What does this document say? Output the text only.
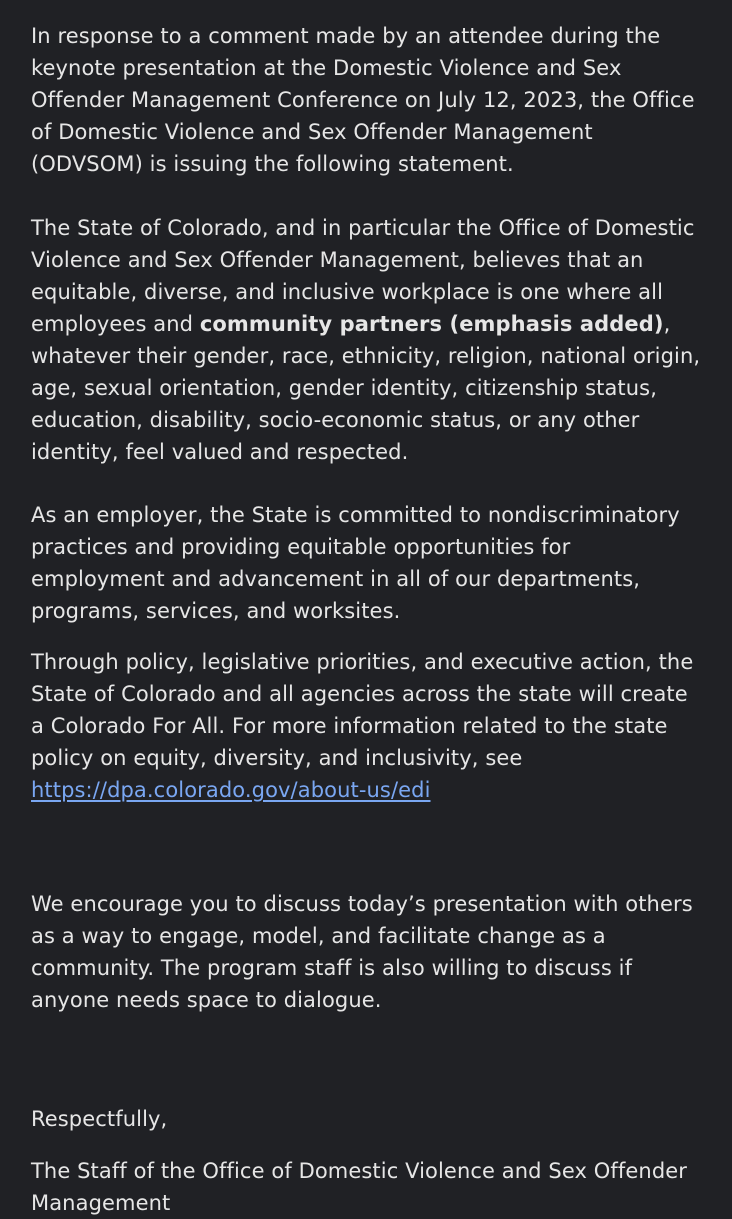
In response to a comment made by an attendee during the keynote presentation at the Domestic Violence and Sex Offender Management Conference on July 12, 2023, the Office of Domestic Violence and Sex Offender Management (ODVSOM) is issuing the following statement.

The State of Colorado, and in particular the Office of Domestic Violence and Sex Offender Management, believes that an equitable, diverse, and inclusive workplace is one where all employees and community partners (emphasis added), whatever their gender, race, ethnicity, religion, national origin, age, sexual orientation, gender identity, citizenship status, education, disability, socio-economic status, or any other identity, feel valued and respected.

As an employer, the State is committed to nondiscriminatory practices and providing equitable opportunities for employment and advancement in all of our departments, programs, services, and worksites.

Through policy, legislative priorities, and executive action, the State of Colorado and all agencies across the state will create a Colorado For All. For more information related to the state policy on equity, diversity, and inclusivity, seehttps://dpa.colorado.gov/about-us/edi

We encourage you to discuss today’s presentation with others as a way to engage, model, and facilitate change as a community. The program staff is also willing to discuss if anyone needs space to dialogue.

Respectfully,

The Staff of the Office of Domestic Violence and Sex Offender Management
